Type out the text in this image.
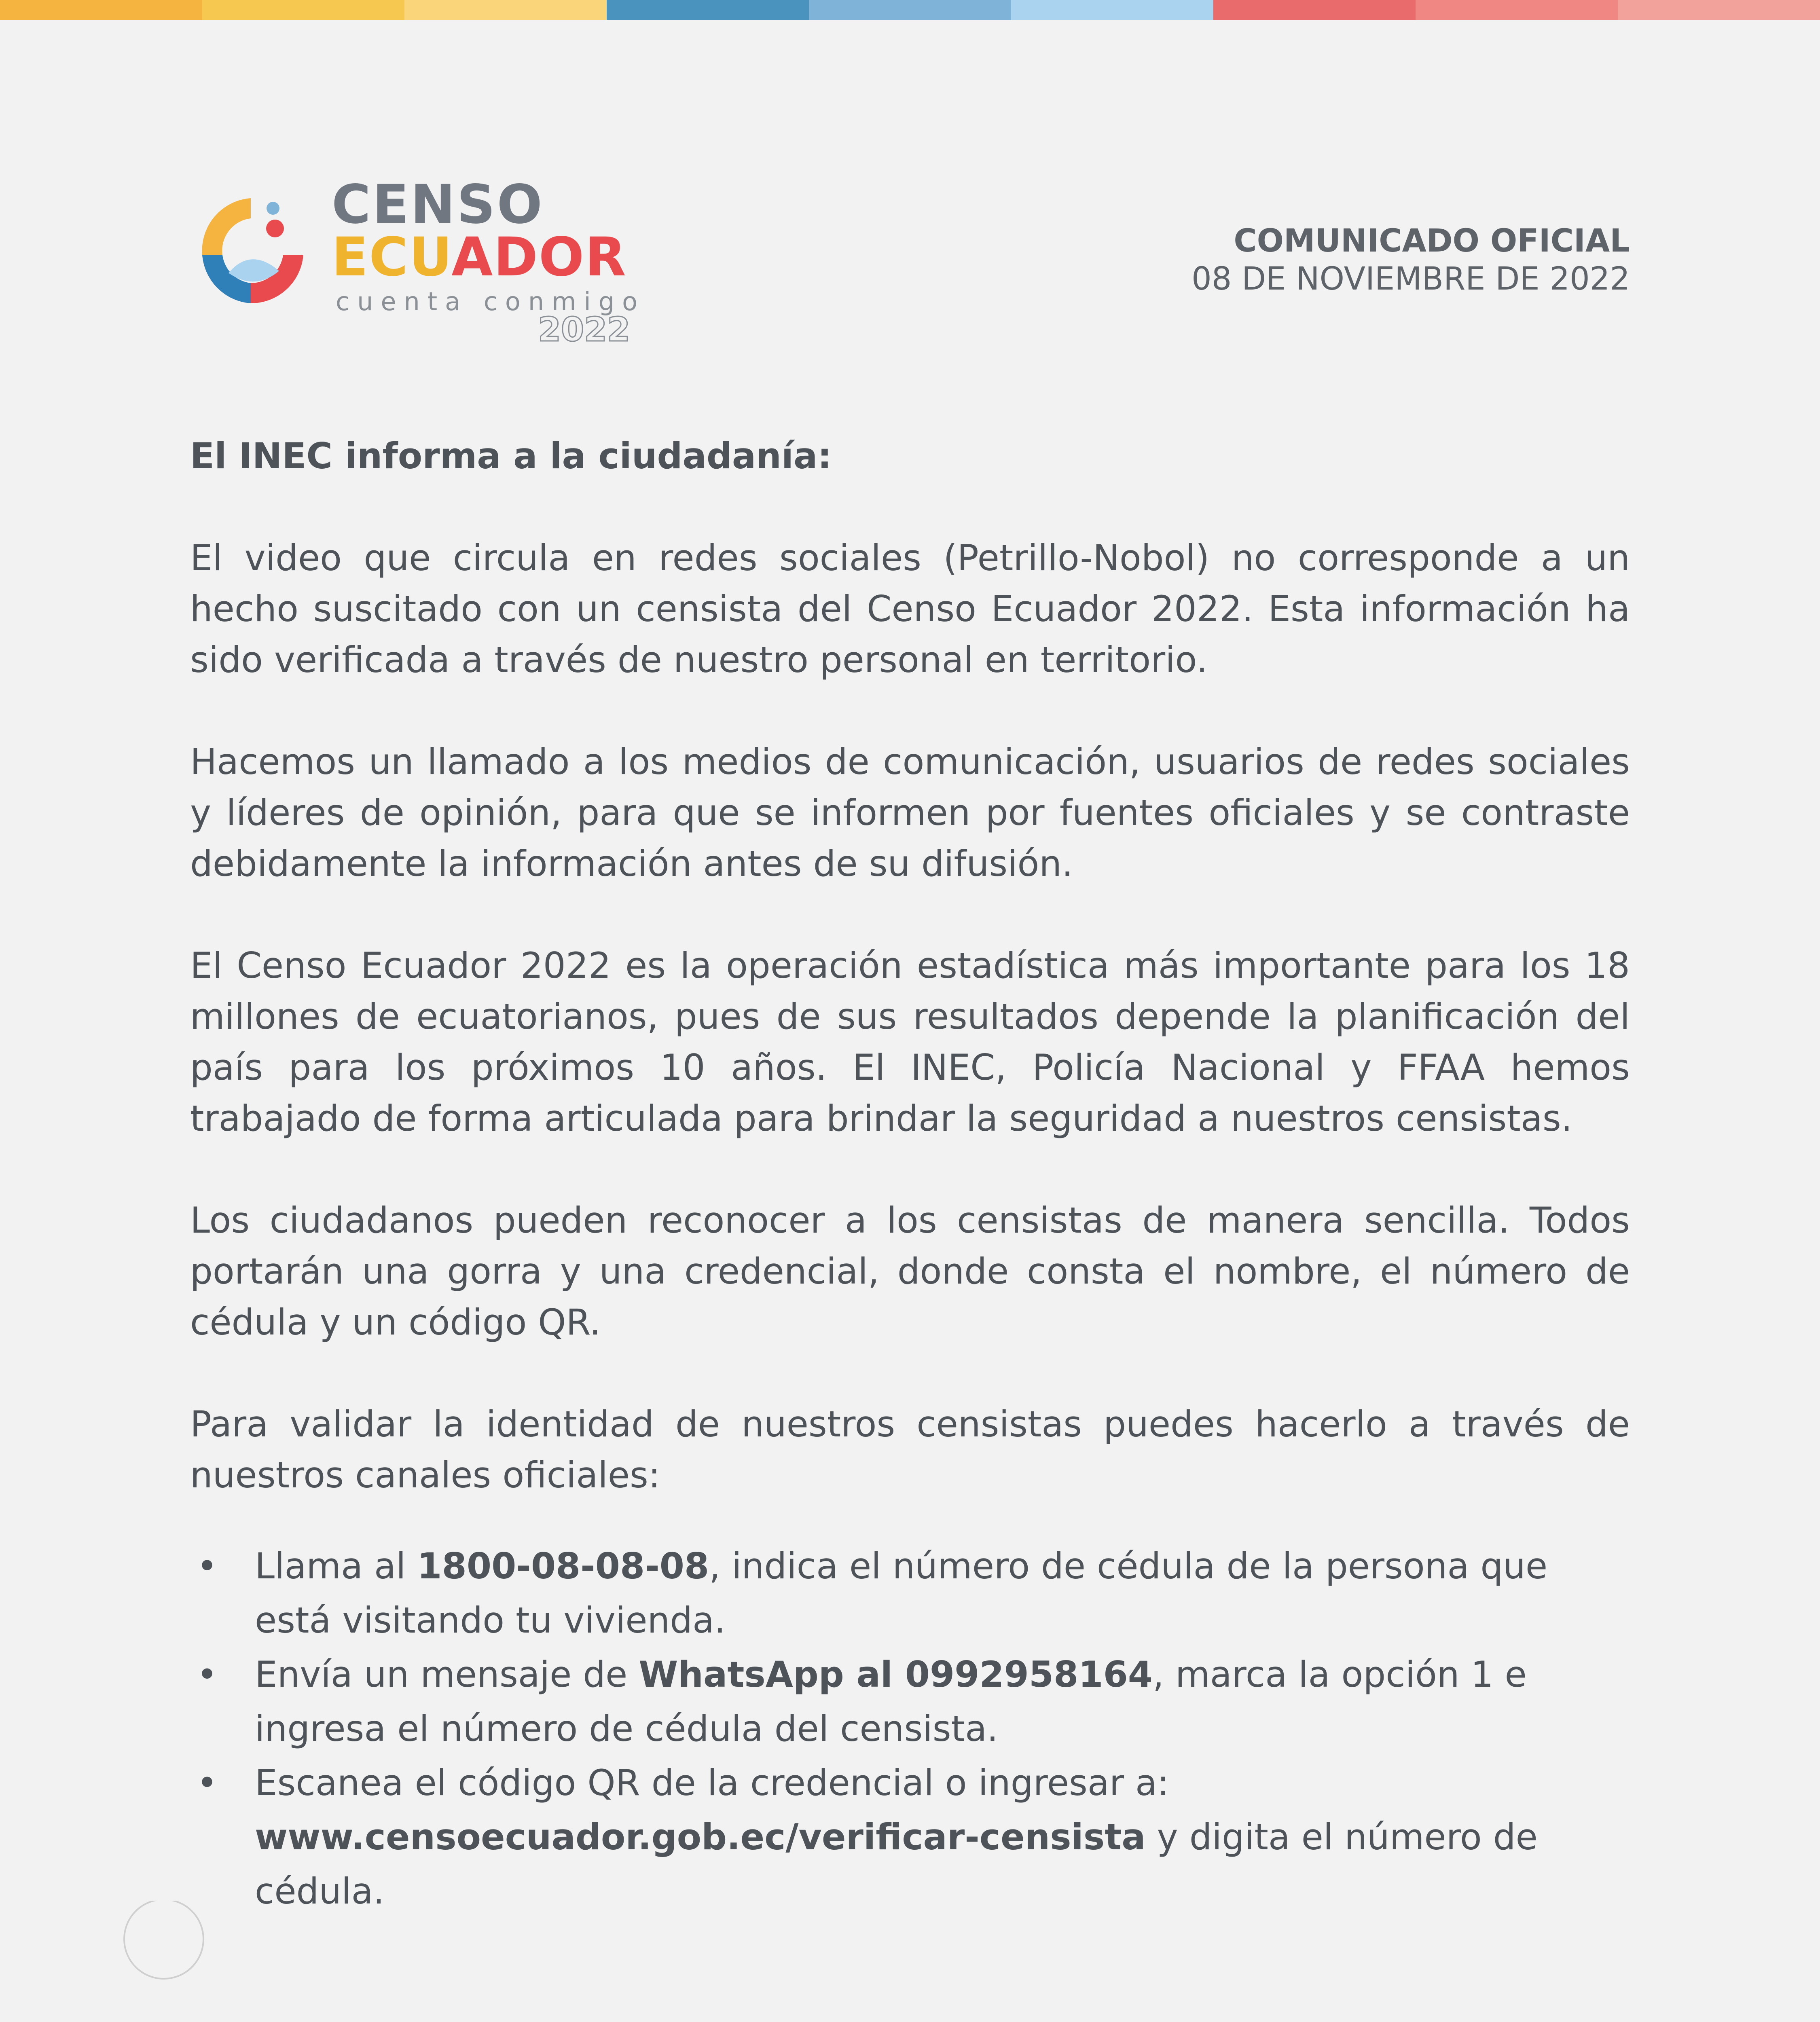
CENSO
ECUADOR
cuenta conmigo
2022
COMUNICADO OFICIAL
08 DE NOVIEMBRE DE 2022

El INEC informa a la ciudadanía:

El video que circula en redes sociales (Petrillo-Nobol) no corresponde a un hecho suscitado con un censista del Censo Ecuador 2022. Esta información ha sido verificada a través de nuestro personal en territorio.

Hacemos un llamado a los medios de comunicación, usuarios de redes sociales y líderes de opinión, para que se informen por fuentes oficiales y se contraste debidamente la información antes de su difusión.

El Censo Ecuador 2022 es la operación estadística más importante para los 18 millones de ecuatorianos, pues de sus resultados depende la planificación del país para los próximos 10 años. El INEC, Policía Nacional y FFAA hemos trabajado de forma articulada para brindar la seguridad a nuestros censistas.

Los ciudadanos pueden reconocer a los censistas de manera sencilla. Todos portarán una gorra y una credencial, donde consta el nombre, el número de cédula y un código QR.

Para validar la identidad de nuestros censistas puedes hacerlo a través de nuestros canales oficiales:

• Llama al 1800-08-08-08, indica el número de cédula de la persona que está visitando tu vivienda.
• Envía un mensaje de WhatsApp al 0992958164, marca la opción 1 e ingresa el número de cédula del censista.
• Escanea el código QR de la credencial o ingresar a: www.censoecuador.gob.ec/verificar-censista y digita el número de cédula.
